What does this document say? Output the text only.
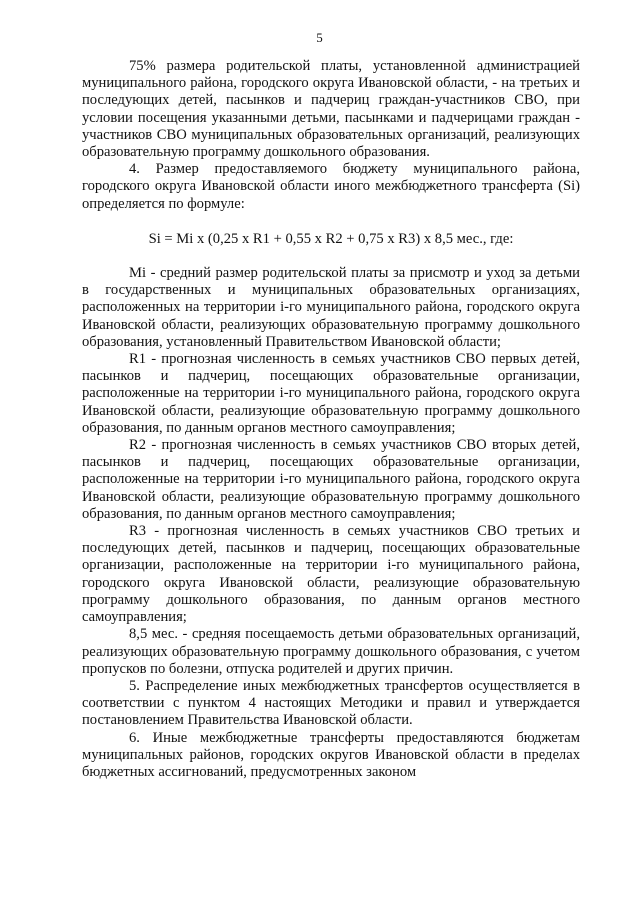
5

75% размера родительской платы, установленной администрацией муниципального района, городского округа Ивановской области, - на третьих и последующих детей, пасынков и падчериц граждан-участников СВО, при условии посещения указанными детьми, пасынками и падчерицами граждан - участников СВО муниципальных образовательных организаций, реализующих образовательную программу дошкольного образования.

4. Размер предоставляемого бюджету муниципального района, городского округа Ивановской области иного межбюджетного трансферта (Si) определяется по формуле:

Si = Mi x (0,25 x R1 + 0,55 x R2 + 0,75 x R3) x 8,5 мес., где:

Mi - средний размер родительской платы за присмотр и уход за детьми в государственных и муниципальных образовательных организациях, расположенных на территории i-го муниципального района, городского округа Ивановской области, реализующих образовательную программу дошкольного образования, установленный Правительством Ивановской области;

R1 - прогнозная численность в семьях участников СВО первых детей, пасынков и падчериц, посещающих образовательные организации, расположенные на территории i-го муниципального района, городского округа Ивановской области, реализующие образовательную программу дошкольного образования, по данным органов местного самоуправления;

R2 - прогнозная численность в семьях участников СВО вторых детей, пасынков и падчериц, посещающих образовательные организации, расположенные на территории i-го муниципального района, городского округа Ивановской области, реализующие образовательную программу дошкольного образования, по данным органов местного самоуправления;

R3 - прогнозная численность в семьях участников СВО третьих и последующих детей, пасынков и падчериц, посещающих образовательные организации, расположенные на территории i-го муниципального района, городского округа Ивановской области, реализующие образовательную программу дошкольного образования, по данным органов местного самоуправления;

8,5 мес. - средняя посещаемость детьми образовательных организаций, реализующих образовательную программу дошкольного образования, с учетом пропусков по болезни, отпуска родителей и других причин.

5. Распределение иных межбюджетных трансфертов осуществляется в соответствии с пунктом 4 настоящих Методики и правил и утверждается постановлением Правительства Ивановской области.

6. Иные межбюджетные трансферты предоставляются бюджетам муниципальных районов, городских округов Ивановской области в пределах бюджетных ассигнований, предусмотренных законом
